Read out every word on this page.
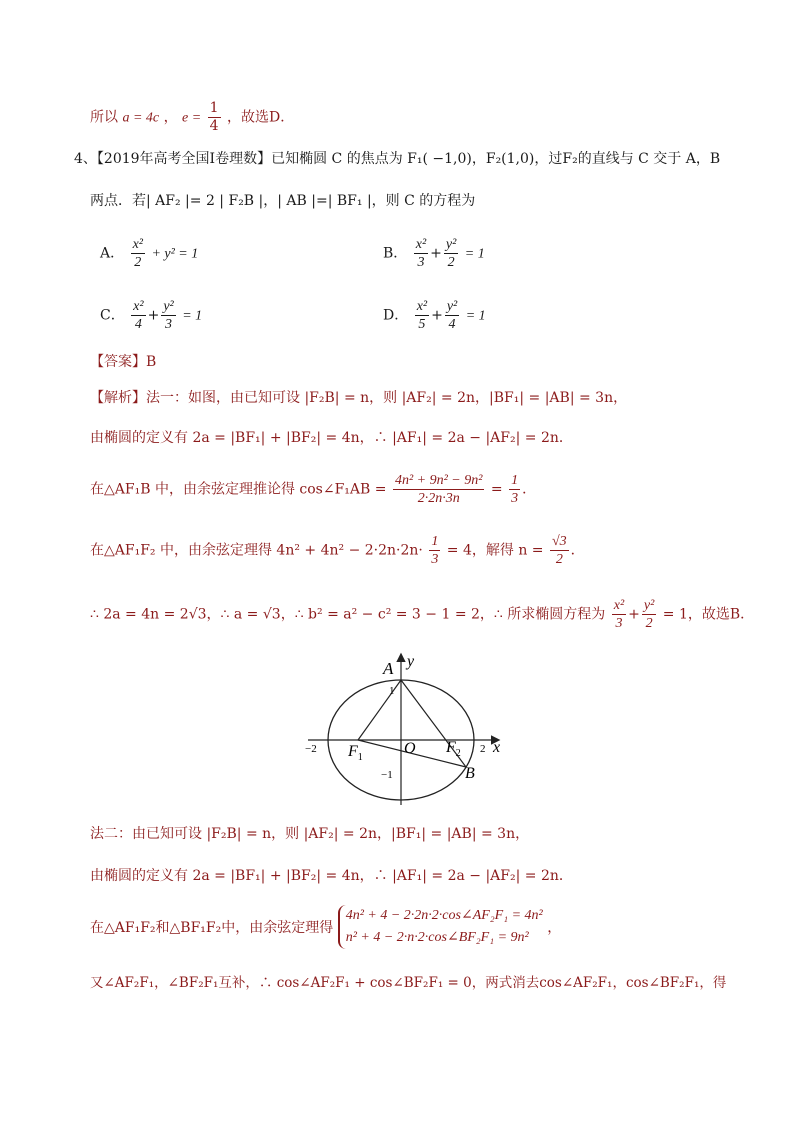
所以 a = 4c ， $e = \frac{1}{4}$ ，故选D．
4、【2019年高考全国I卷理数】已知椭圆 C 的焦点为 F₁( −1,0)，F₂(1,0)，过F₂的直线与 C 交于 A，B
两点．若| AF₂ |= 2 | F₂B |，| AB |=| BF₁ |，则 C 的方程为
A． $\frac{\text{x²}}{2} + y^2 = 1$	B． $\frac{\text{x²}}{3} + \frac{\text{y²}}{2} = 1$
C． $\frac{\text{x²}}{4} + \frac{\text{y²}}{3} = 1$	D． $\frac{\text{x²}}{5} + \frac{\text{y²}}{4} = 1$
【答案】B
【解析】法一：如图，由已知可设 |F₂B| = n，则 |AF₂| = 2n，|BF₁| = |AB| = 3n，
由椭圆的定义有 2a = |BF₁| + |BF₂| = 4n，∴ |AF₁| = 2a − |AF₂| = 2n．
在△AF₁B 中，由余弦定理推论得 cos∠F₁AB = $\frac{\text{4n² + 9n² − 9n²}}{2\cdot 2n\cdot 3n} = \frac{1}{3}$ ．
在△AF₁F₂ 中，由余弦定理得 $4n^2 + 4n^2 - 2\cdot 2n\cdot 2n\cdot \frac{1}{3} = 4$，解得 $n = \frac{√3}{2}$ ．
∴ 2a = 4n = 2√3，∴ a = √3，∴ b² = a² − c² = 3 − 1 = 2，∴ 所求椭圆方程为 $\frac{\text{x²}}{3} + \frac{\text{y²}}{2} = 1$，故选B．
A y
x
O
$F_1$
$F_2$
B
1
−1
−2	2
法二：由已知可设 |F₂B| = n，则 |AF₂| = 2n，|BF₁| = |AB| = 3n，
由椭圆的定义有 2a = |BF₁| + |BF₂| = 4n，∴ |AF₁| = 2a − |AF₂| = 2n．
在△AF₁F₂和△BF₁F₂中，由余弦定理得
4n² + 4 − 2·2n·2·cos∠AF₂F₁ = 4n²
n² + 4 − 2·n·2·cos∠BF₂F₁ = 9n²
，
又∠AF₂F₁，∠BF₂F₁互补，∴ cos∠AF₂F₁ + cos∠BF₂F₁ = 0，两式消去cos∠AF₂F₁，cos∠BF₂F₁，得
